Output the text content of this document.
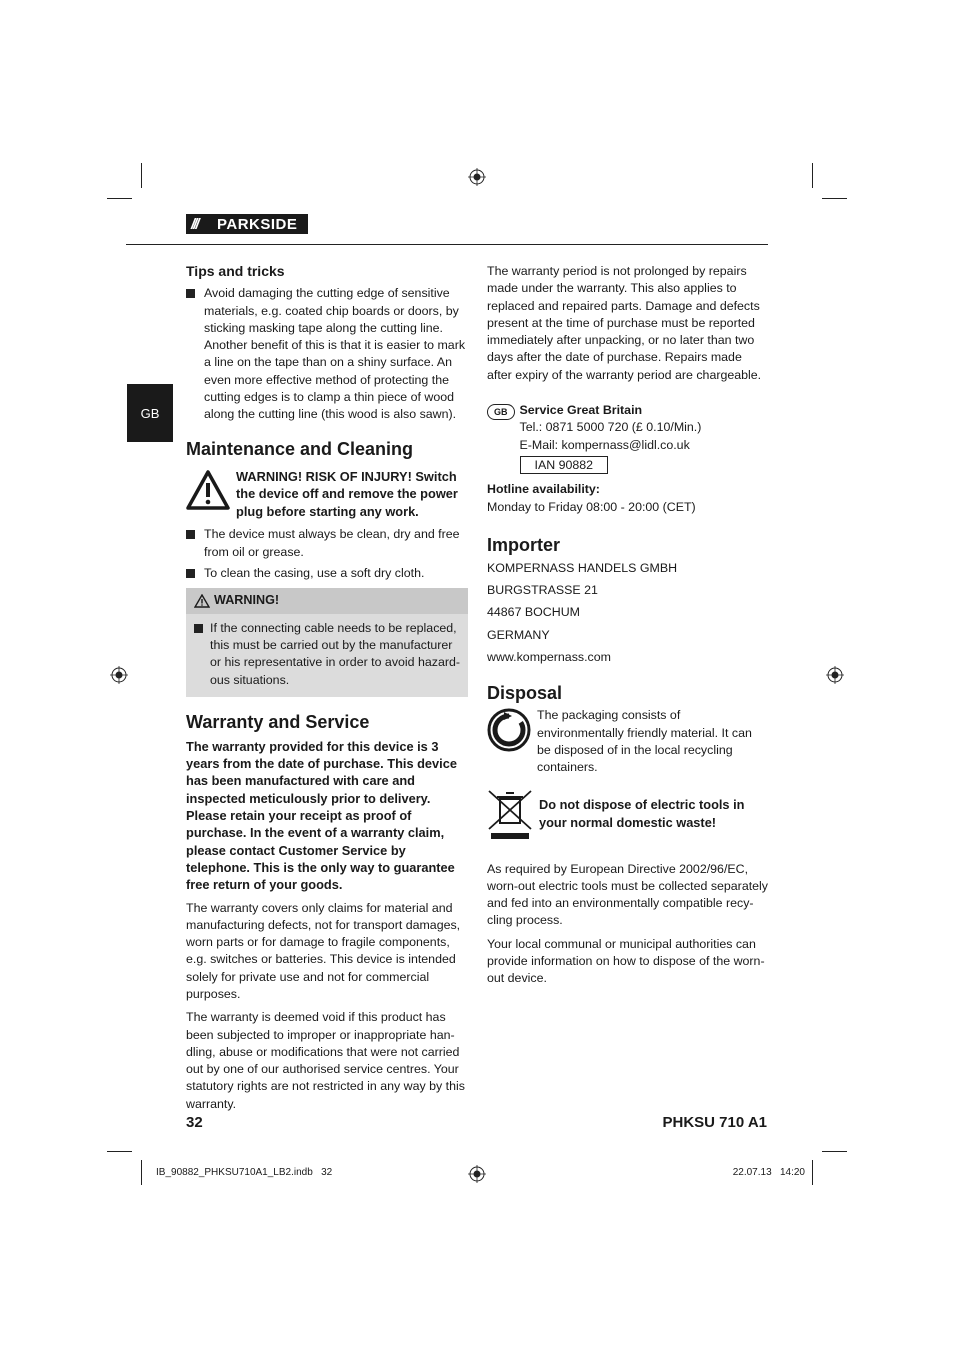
///	PARKSIDE
GB
Tips and tricks
Avoid damaging the cutting edge of sensitive materials, e.g. coated chip boards or doors, by sticking masking tape along the cutting line. Another benefit of this is that it is easier to mark a line on the tape than on a shiny surface. An even more effective method of protecting the cutting edges is to clamp a thin piece of wood along the cutting line (this wood is also sawn).
Maintenance and Cleaning
WARNING! RISK OF INJURY! Switch the device off and remove the power plug before starting any work.
The device must always be clean, dry and free from oil or grease.
To clean the casing, use a soft dry cloth.
WARNING!
If the connecting cable needs to be replaced, this must be carried out by the manufacturer or his representative in order to avoid hazard-ous situations.
Warranty and Service

The warranty provided for this device is 3 years from the date of purchase. This device has been manufactured with care and inspected meticulously prior to delivery. Please retain your receipt as proof of purchase. In the event of a warranty claim, please contact Customer Service by telephone. This is the only way to guarantee free return of your goods.

The warranty covers only claims for material and manufacturing defects, not for transport damages, worn parts or for damage to fragile components, e.g. switches or batteries. This device is intended solely for private use and not for commercial purposes.

The warranty is deemed void if this product has been subjected to improper or inappropriate han-dling, abuse or modifications that were not carried out by one of our authorised service centres. Your statutory rights are not restricted in any way by this warranty.

The warranty period is not prolonged by repairs made under the warranty. This also applies to replaced and repaired parts. Damage and defects present at the time of purchase must be reported immediately after unpacking, or no later than two days after the date of purchase. Repairs made after expiry of the warranty period are chargeable.

GB Service Great Britain
Tel.: 0871 5000 720 (£ 0.10/Min.)
E-Mail: kompernass@lidl.co.uk
IAN 90882
Hotline availability:
Monday to Friday 08:00 - 20:00 (CET)
Importer
KOMPERNASS HANDELS GMBH
BURGSTRASSE 21
44867 BOCHUM
GERMANY
www.kompernass.com
Disposal
The packaging consists of environmentally friendly material. It can be disposed of in the local recycling containers.
Do not dispose of electric tools in your normal domestic waste!

As required by European Directive 2002/96/EC, worn-out electric tools must be collected separately and fed into an environmentally compatible recy-cling process.

Your local communal or municipal authorities can provide information on how to dispose of the worn-out device.

32	PHKSU 710 A1
IB_90882_PHKSU710A1_LB2.indb   32	22.07.13   14:20
